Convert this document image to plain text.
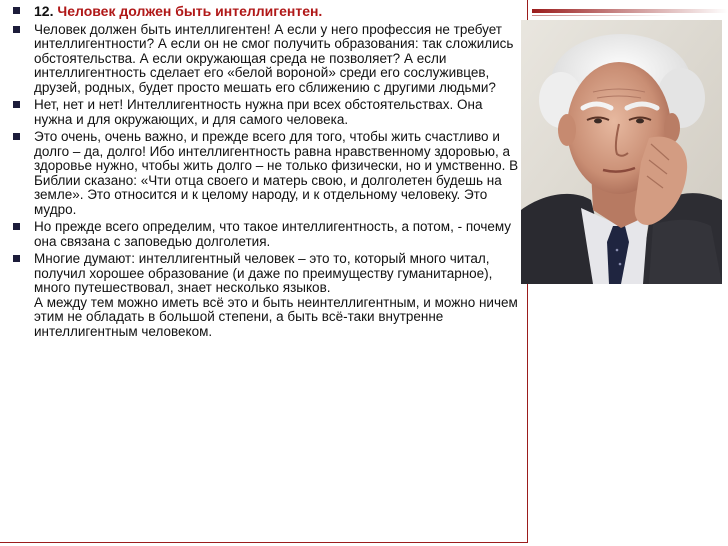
12. Человек должен быть интеллигентен.
Человек должен быть интеллигентен! А если у него профессия не требует интеллигентности? А если он не смог получить образования: так сложились обстоятельства. А если окружающая среда не позволяет? А если интеллигентность сделает его «белой вороной» среди его сослуживцев, друзей, родных, будет просто мешать его сближению с другими людьми?
Нет, нет и нет! Интеллигентность нужна при всех обстоятельствах. Она нужна и для окружающих, и для самого человека.
Это очень, очень важно, и прежде всего для того, чтобы жить счастливо и долго – да, долго! Ибо интеллигентность равна нравственному здоровью, а здоровье нужно, чтобы жить долго – не только физически, но и умственно. В Библии сказано: «Чти отца своего и матерь свою, и долголетен будешь на земле». Это относится и к целому народу, и к отдельному человеку. Это мудро.
Но прежде всего определим, что такое интеллигентность, а потом, - почему она связана с заповедью долголетия.
Многие думают: интеллигентный человек – это то, который много читал, получил хорошее образование (и даже по преимуществу гуманитарное), много путешествовал, знает несколько языков.
А между тем можно иметь всё это и быть неинтеллигентным, и можно ничем этим не обладать в большой степени, а быть всё-таки внутренне интеллигентным человеком.
